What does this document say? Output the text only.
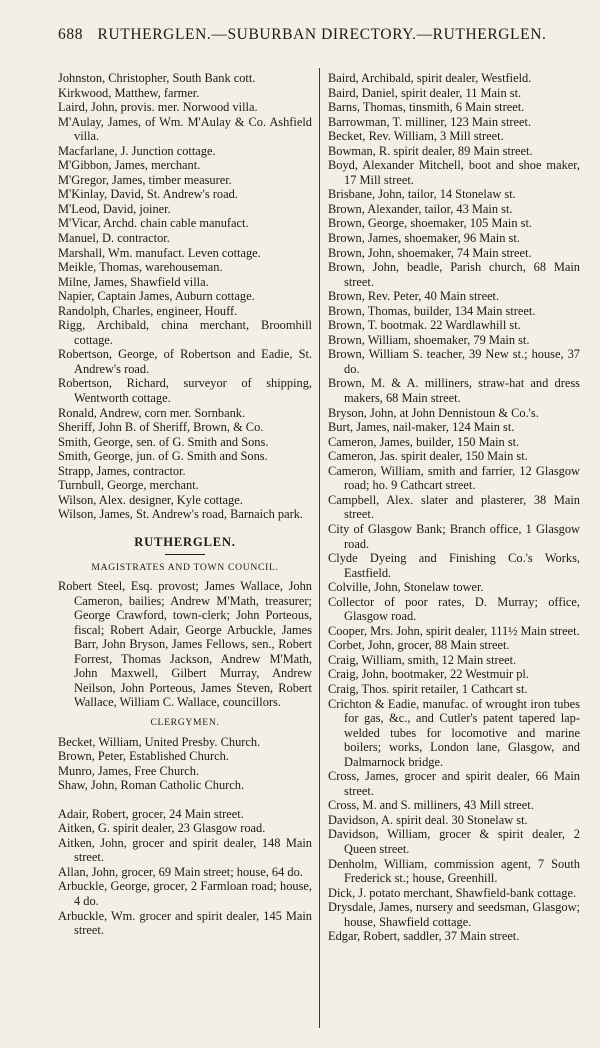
688 RUTHERGLEN.—SUBURBAN DIRECTORY.—RUTHERGLEN.
Johnston, Christopher, South Bank cott.
Kirkwood, Matthew, farmer.
Laird, John, provis. mer. Norwood villa.
M'Aulay, James, of Wm. M'Aulay & Co. Ashfield villa.
Macfarlane, J. Junction cottage.
M'Gibbon, James, merchant.
M'Gregor, James, timber measurer.
M'Kinlay, David, St. Andrew's road.
M'Leod, David, joiner.
M'Vicar, Archd. chain cable manufact.
Manuel, D. contractor.
Marshall, Wm. manufact. Leven cottage.
Meikle, Thomas, warehouseman.
Milne, James, Shawfield villa.
Napier, Captain James, Auburn cottage.
Randolph, Charles, engineer, Houff.
Rigg, Archibald, china merchant, Broomhill cottage.
Robertson, George, of Robertson and Eadie, St. Andrew's road.
Robertson, Richard, surveyor of shipping, Wentworth cottage.
Ronald, Andrew, corn mer. Sornbank.
Sheriff, John B. of Sheriff, Brown, & Co.
Smith, George, sen. of G. Smith and Sons.
Smith, George, jun. of G. Smith and Sons.
Strapp, James, contractor.
Turnbull, George, merchant.
Wilson, Alex. designer, Kyle cottage.
Wilson, James, St. Andrew's road, Barnaich park.
RUTHERGLEN.
MAGISTRATES AND TOWN COUNCIL.
Robert Steel, Esq. provost; James Wallace, John Cameron, bailies; Andrew M'Math, treasurer; George Crawford, town-clerk; John Porteous, fiscal; Robert Adair, George Arbuckle, James Barr, John Bryson, James Fellows, sen., Robert Forrest, Thomas Jackson, Andrew M'Math, John Maxwell, Gilbert Murray, Andrew Neilson, John Porteous, James Steven, Robert Wallace, William C. Wallace, councillors.
CLERGYMEN.
Becket, William, United Presby. Church.
Brown, Peter, Established Church.
Munro, James, Free Church.
Shaw, John, Roman Catholic Church.
Adair, Robert, grocer, 24 Main street.
Aitken, G. spirit dealer, 23 Glasgow road.
Aitken, John, grocer and spirit dealer, 148 Main street.
Allan, John, grocer, 69 Main street; house, 64 do.
Arbuckle, George, grocer, 2 Farmloan road; house, 4 do.
Arbuckle, Wm. grocer and spirit dealer, 145 Main street.
Baird, Archibald, spirit dealer, Westfield.
Baird, Daniel, spirit dealer, 11 Main st.
Barns, Thomas, tinsmith, 6 Main street.
Barrowman, T. milliner, 123 Main street.
Becket, Rev. William, 3 Mill street.
Bowman, R. spirit dealer, 89 Main street.
Boyd, Alexander Mitchell, boot and shoe maker, 17 Mill street.
Brisbane, John, tailor, 14 Stonelaw st.
Brown, Alexander, tailor, 43 Main st.
Brown, George, shoemaker, 105 Main st.
Brown, James, shoemaker, 96 Main st.
Brown, John, shoemaker, 74 Main street.
Brown, John, beadle, Parish church, 68 Main street.
Brown, Rev. Peter, 40 Main street.
Brown, Thomas, builder, 134 Main street.
Brown, T. bootmak. 22 Wardlawhill st.
Brown, William, shoemaker, 79 Main st.
Brown, William S. teacher, 39 New st.; house, 37 do.
Brown, M. & A. milliners, straw-hat and dress makers, 68 Main street.
Bryson, John, at John Dennistoun & Co.'s.
Burt, James, nail-maker, 124 Main st.
Cameron, James, builder, 150 Main st.
Cameron, Jas. spirit dealer, 150 Main st.
Cameron, William, smith and farrier, 12 Glasgow road; ho. 9 Cathcart street.
Campbell, Alex. slater and plasterer, 38 Main street.
City of Glasgow Bank; Branch office, 1 Glasgow road.
Clyde Dyeing and Finishing Co.'s Works, Eastfield.
Colville, John, Stonelaw tower.
Collector of poor rates, D. Murray; office, Glasgow road.
Cooper, Mrs. John, spirit dealer, 111½ Main street.
Corbet, John, grocer, 88 Main street.
Craig, William, smith, 12 Main street.
Craig, John, bootmaker, 22 Westmuir pl.
Craig, Thos. spirit retailer, 1 Cathcart st.
Crichton & Eadie, manufac. of wrought iron tubes for gas, &c., and Cutler's patent tapered lap-welded tubes for locomotive and marine boilers; works, London lane, Glasgow, and Dalmarnock bridge.
Cross, James, grocer and spirit dealer, 66 Main street.
Cross, M. and S. milliners, 43 Mill street.
Davidson, A. spirit deal. 30 Stonelaw st.
Davidson, William, grocer & spirit dealer, 2 Queen street.
Denholm, William, commission agent, 7 South Frederick st.; house, Greenhill.
Dick, J. potato merchant, Shawfield-bank cottage.
Drysdale, James, nursery and seedsman, Glasgow; house, Shawfield cottage.
Edgar, Robert, saddler, 37 Main street.
